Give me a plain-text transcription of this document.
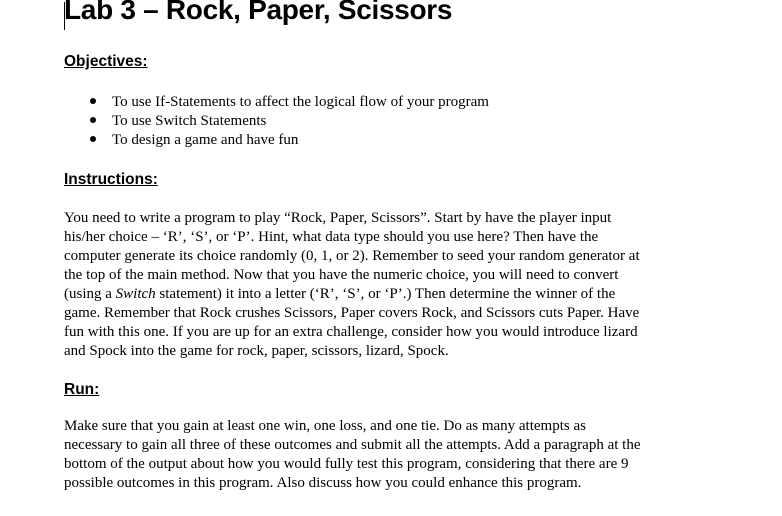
Lab 3 – Rock, Paper, Scissors
Objectives:
To use If-Statements to affect the logical flow of your program
To use Switch Statements
To design a game and have fun
Instructions:
You need to write a program to play “Rock, Paper, Scissors”. Start by have the player input
his/her choice – ‘R’, ‘S’, or ‘P’. Hint, what data type should you use here? Then have the
computer generate its choice randomly (0, 1, or 2). Remember to seed your random generator at
the top of the main method. Now that you have the numeric choice, you will need to convert
(using a Switch statement) it into a letter (‘R’, ‘S’, or ‘P’.) Then determine the winner of the
game. Remember that Rock crushes Scissors, Paper covers Rock, and Scissors cuts Paper. Have
fun with this one. If you are up for an extra challenge, consider how you would introduce lizard
and Spock into the game for rock, paper, scissors, lizard, Spock.
Run:
Make sure that you gain at least one win, one loss, and one tie. Do as many attempts as
necessary to gain all three of these outcomes and submit all the attempts. Add a paragraph at the
bottom of the output about how you would fully test this program, considering that there are 9
possible outcomes in this program. Also discuss how you could enhance this program.
